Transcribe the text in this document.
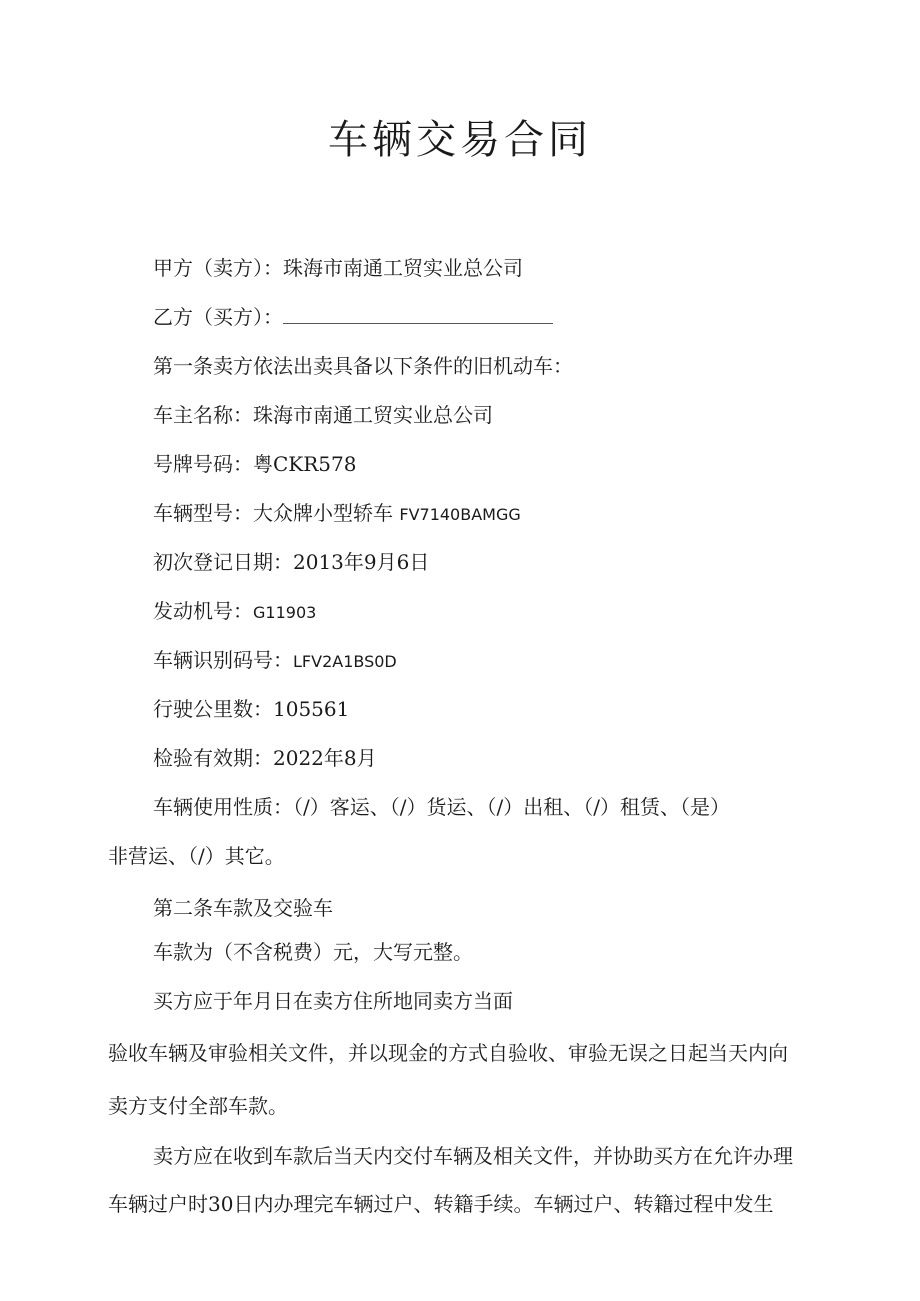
车辆交易合同

甲方（卖方）：珠海市南通工贸实业总公司

乙方（买方）：

第一条卖方依法出卖具备以下条件的旧机动车：

车主名称：珠海市南通工贸实业总公司

号牌号码：粤CKR578

车辆型号：大众牌小型轿车 FV7140BAMGG

初次登记日期：2013年9月6日

发动机号：G11903

车辆识别码号：LFV2A1BS0D

行驶公里数：105561

检验有效期：2022年8月

车辆使用性质：（/）客运、（/）货运、（/）出租、（/）租赁、（是）

非营运、（/）其它。

第二条车款及交验车

车款为（不含税费）元，大写元整。

买方应于年月日在卖方住所地同卖方当面

验收车辆及审验相关文件，并以现金的方式自验收、审验无误之日起当天内向

卖方支付全部车款。

卖方应在收到车款后当天内交付车辆及相关文件，并协助买方在允许办理

车辆过户时30日内办理完车辆过户、转籍手续。车辆过户、转籍过程中发生
